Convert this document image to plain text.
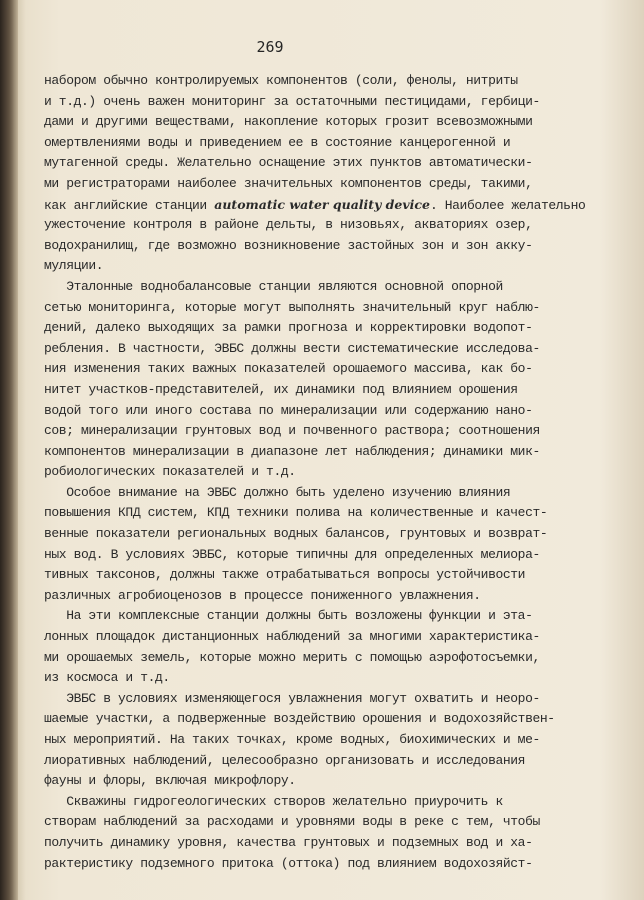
269
набором обычно контролируемых компонентов (соли, фенолы, нитриты
и т.д.) очень важен мониторинг за остаточными пестицидами, гербици-
дами и другими веществами, накопление которых грозит всевозможными
омертвлениями воды и приведением ее в состояние канцерогенной и
мутагенной среды. Желательно оснащение этих пунктов автоматически-
ми регистраторами наиболее значительных компонентов среды, такими,
как английские станции automatic water quality device. Наиболее желательно
ужесточение контроля в районе дельты, в низовьях, акваториях озер,
водохранилищ, где возможно возникновение застойных зон и зон акку-
муляции.
Эталонные воднобалансовые станции являются основной опорной
сетью мониторинга, которые могут выполнять значительный круг наблю-
дений, далеко выходящих за рамки прогноза и корректировки водопот-
ребления. В частности, ЭВБС должны вести систематические исследова-
ния изменения таких важных показателей орошаемого массива, как бо-
нитет участков-представителей, их динамики под влиянием орошения
водой того или иного состава по минерализации или содержанию нано-
сов; минерализации грунтовых вод и почвенного раствора; соотношения
компонентов минерализации в диапазоне лет наблюдения; динамики мик-
робиологических показателей и т.д.
Особое внимание на ЭВБС должно быть уделено изучению влияния
повышения КПД систем, КПД техники полива на количественные и качест-
венные показатели региональных водных балансов, грунтовых и возврат-
ных вод. В условиях ЭВБС, которые типичны для определенных мелиора-
тивных таксонов, должны также отрабатываться вопросы устойчивости
различных агробиоценозов в процессе пониженного увлажнения.
На эти комплексные станции должны быть возложены функции и эта-
лонных площадок дистанционных наблюдений за многими характеристика-
ми орошаемых земель, которые можно мерить с помощью аэрофотосъемки,
из космоса и т.д.
ЭВБС в условиях изменяющегося увлажнения могут охватить и неоро-
шаемые участки, а подверженные воздействию орошения и водохозяйствен-
ных мероприятий. На таких точках, кроме водных, биохимических и ме-
лиоративных наблюдений, целесообразно организовать и исследования
фауны и флоры, включая микрофлору.
Скважины гидрогеологических створов желательно приурочить к
створам наблюдений за расходами и уровнями воды в реке с тем, чтобы
получить динамику уровня, качества грунтовых и подземных вод и ха-
рактеристику подземного притока (оттока) под влиянием водохозяйст-
